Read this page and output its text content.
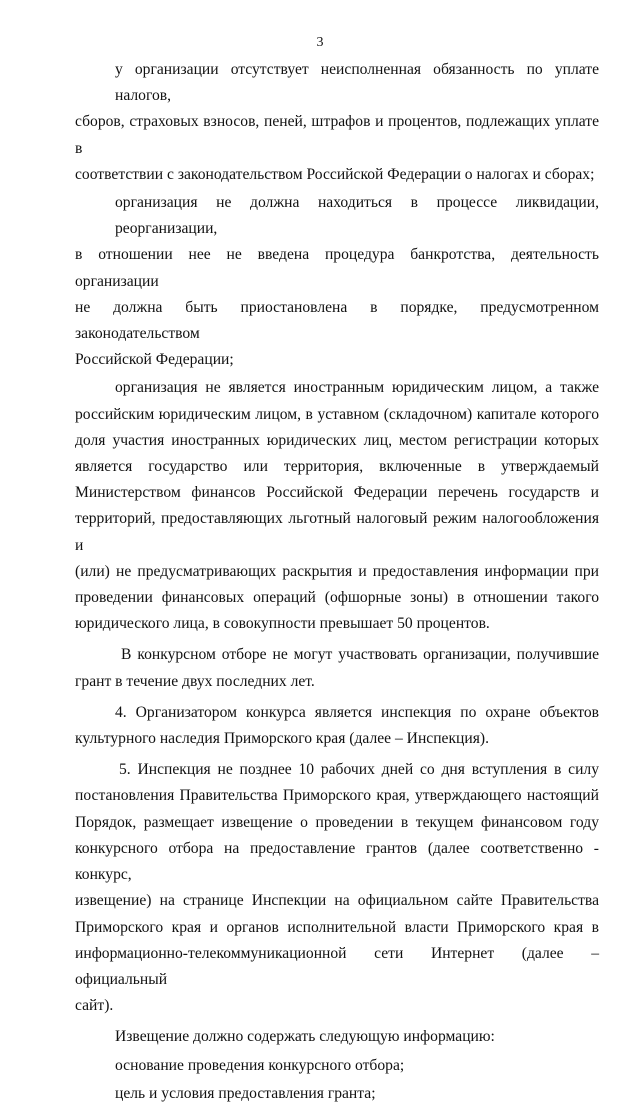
3
у организации отсутствует неисполненная обязанность по уплате налогов,
сборов, страховых взносов, пеней, штрафов и процентов, подлежащих уплате в
соответствии с законодательством Российской Федерации о налогах и сборах;
организация не должна находиться в процессе ликвидации, реорганизации,
в отношении нее не введена процедура банкротства, деятельность организации
не должна быть приостановлена в порядке, предусмотренном законодательством
Российской Федерации;
организация не является иностранным юридическим лицом, а также
российским юридическим лицом, в уставном (складочном) капитале которого
доля участия иностранных юридических лиц, местом регистрации которых
является государство или территория, включенные в утверждаемый
Министерством финансов Российской Федерации перечень государств и
территорий, предоставляющих льготный налоговый режим налогообложения и
(или) не предусматривающих раскрытия и предоставления информации при
проведении финансовых операций (офшорные зоны) в отношении такого
юридического лица, в совокупности превышает 50 процентов.
В конкурсном отборе не могут участвовать организации, получившие
грант в течение двух последних лет.
4. Организатором конкурса является инспекция по охране объектов
культурного наследия Приморского края (далее – Инспекция).
5. Инспекция не позднее 10 рабочих дней со дня вступления в силу
постановления Правительства Приморского края, утверждающего настоящий
Порядок, размещает извещение о проведении в текущем финансовом году
конкурсного отбора на предоставление грантов (далее соответственно - конкурс,
извещение) на странице Инспекции на официальном сайте Правительства
Приморского края и органов исполнительной власти Приморского края в
информационно-телекоммуникационной сети Интернет (далее – официальный
сайт).
Извещение должно содержать следующую информацию:
основание проведения конкурсного отбора;
цель и условия предоставления гранта;
